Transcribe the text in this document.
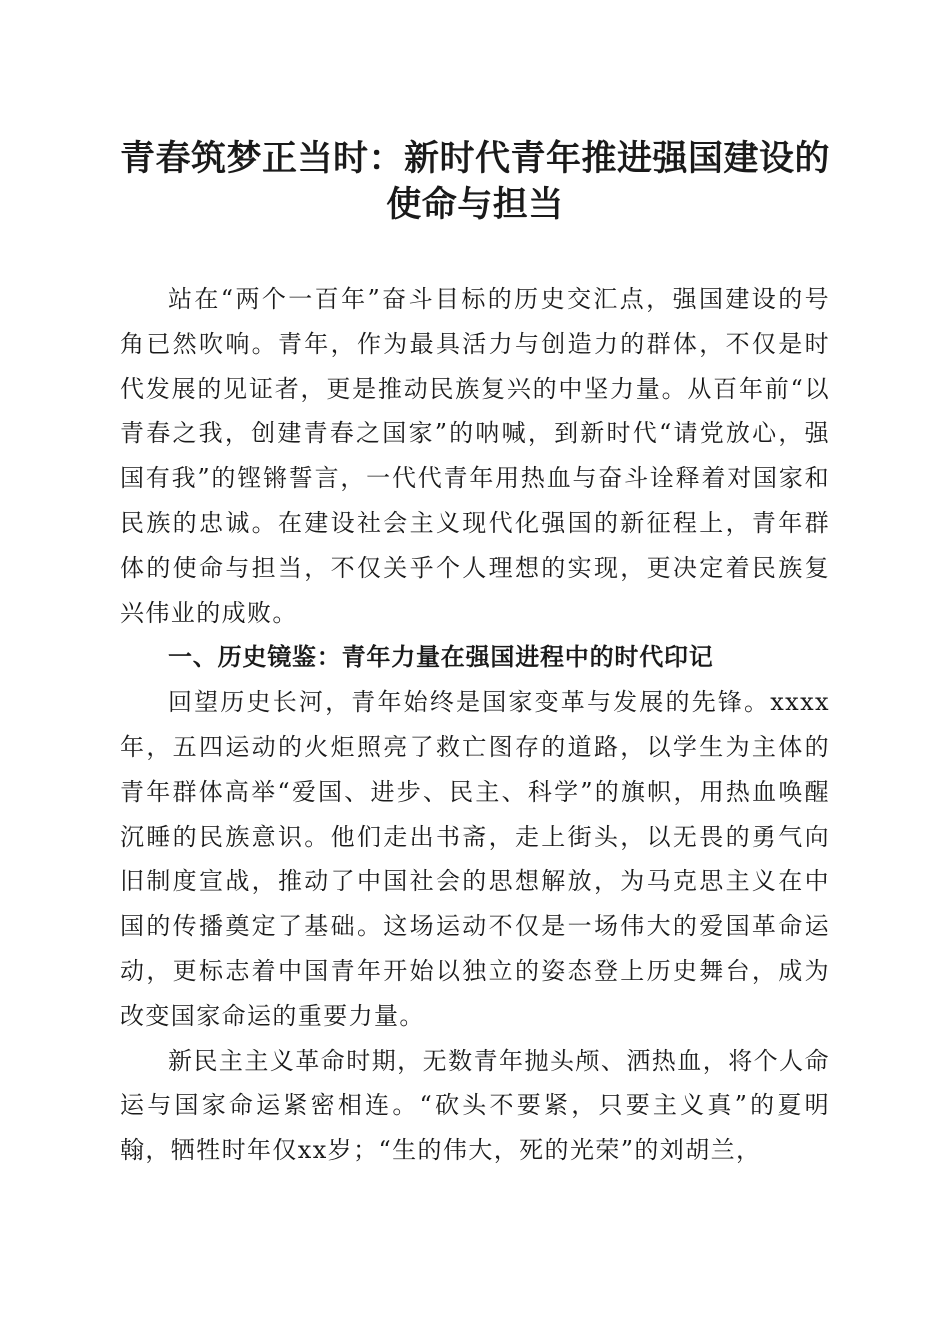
青春筑梦正当时：新时代青年推进强国建设的使命与担当

站在“两个一百年”奋斗目标的历史交汇点，强国建设的号角已然吹响。青年，作为最具活力与创造力的群体，不仅是时代发展的见证者，更是推动民族复兴的中坚力量。从百年前“以青春之我，创建青春之国家”的呐喊，到新时代“请党放心，强国有我”的铿锵誓言，一代代青年用热血与奋斗诠释着对国家和民族的忠诚。在建设社会主义现代化强国的新征程上，青年群体的使命与担当，不仅关乎个人理想的实现，更决定着民族复兴伟业的成败。

一、历史镜鉴：青年力量在强国进程中的时代印记

回望历史长河，青年始终是国家变革与发展的先锋。xxxx年，五四运动的火炬照亮了救亡图存的道路，以学生为主体的青年群体高举“爱国、进步、民主、科学”的旗帜，用热血唤醒沉睡的民族意识。他们走出书斋，走上街头，以无畏的勇气向旧制度宣战，推动了中国社会的思想解放，为马克思主义在中国的传播奠定了基础。这场运动不仅是一场伟大的爱国革命运动，更标志着中国青年开始以独立的姿态登上历史舞台，成为改变国家命运的重要力量。

新民主主义革命时期，无数青年抛头颅、洒热血，将个人命运与国家命运紧密相连。“砍头不要紧，只要主义真”的夏明翰，牺牲时年仅xx岁；“生的伟大，死的光荣”的刘胡兰，
